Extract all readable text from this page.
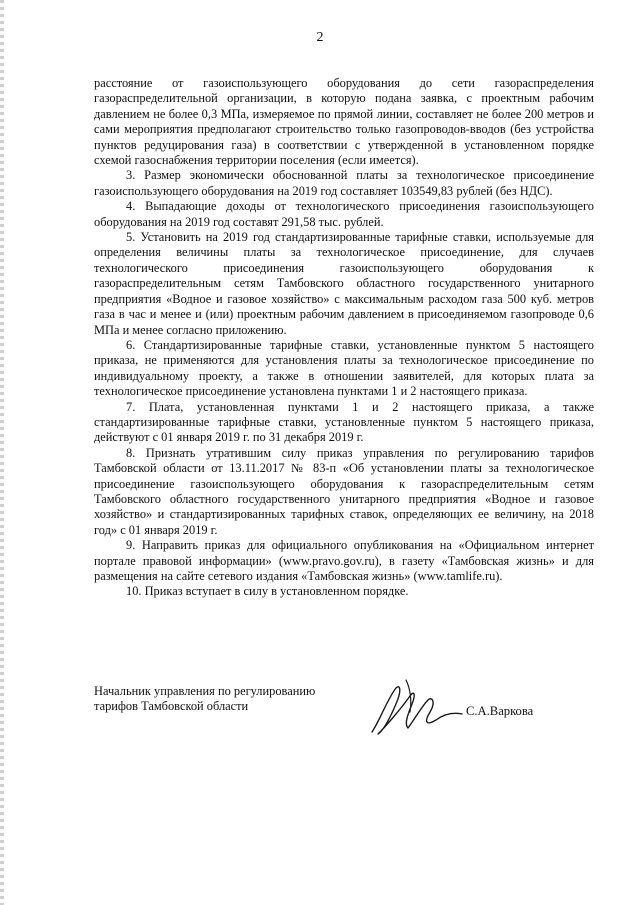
2

расстояние от газоиспользующего оборудования до сети газораспределения газораспределительной организации, в которую подана заявка, с проектным рабочим давлением не более 0,3 МПа, измеряемое по прямой линии, составляет не более 200 метров и сами мероприятия предполагают строительство только газопроводов-вводов (без устройства пунктов редуцирования газа) в соответствии с утвержденной в установленном порядке схемой газоснабжения территории поселения (если имеется).

3. Размер экономически обоснованной платы за технологическое присоединение газоиспользующего оборудования на 2019 год составляет 103549,83 рублей (без НДС).

4. Выпадающие доходы от технологического присоединения газоиспользующего оборудования на 2019 год составят 291,58 тыс. рублей.

5. Установить на 2019 год стандартизированные тарифные ставки, используемые для определения величины платы за технологическое присоединение, для случаев технологического присоединения газоиспользующего оборудования к газораспределительным сетям Тамбовского областного государственного унитарного предприятия «Водное и газовое хозяйство» с максимальным расходом газа 500 куб. метров газа в час и менее и (или) проектным рабочим давлением в присоединяемом газопроводе 0,6 МПа и менее согласно приложению.

6. Стандартизированные тарифные ставки, установленные пунктом 5 настоящего приказа, не применяются для установления платы за технологическое присоединение по индивидуальному проекту, а также в отношении заявителей, для которых плата за технологическое присоединение установлена пунктами 1 и 2 настоящего приказа.

7. Плата, установленная пунктами 1 и 2 настоящего приказа, а также стандартизированные тарифные ставки, установленные пунктом 5 настоящего приказа, действуют с 01 января 2019 г. по 31 декабря 2019 г.

8. Признать утратившим силу приказ управления по регулированию тарифов Тамбовской области от 13.11.2017 № 83-п «Об установлении платы за технологическое присоединение газоиспользующего оборудования к газораспределительным сетям Тамбовского областного государственного унитарного предприятия «Водное и газовое хозяйство» и стандартизированных тарифных ставок, определяющих ее величину, на 2018 год» с 01 января 2019 г.

9. Направить приказ для официального опубликования на «Официальном интернет портале правовой информации» (www.pravo.gov.ru), в газету «Тамбовская жизнь» и для размещения на сайте сетевого издания «Тамбовская жизнь» (www.tamlife.ru).

10. Приказ вступает в силу в установленном порядке.

Начальник управления по регулированию
тарифов Тамбовской области	С.А.Варкова
